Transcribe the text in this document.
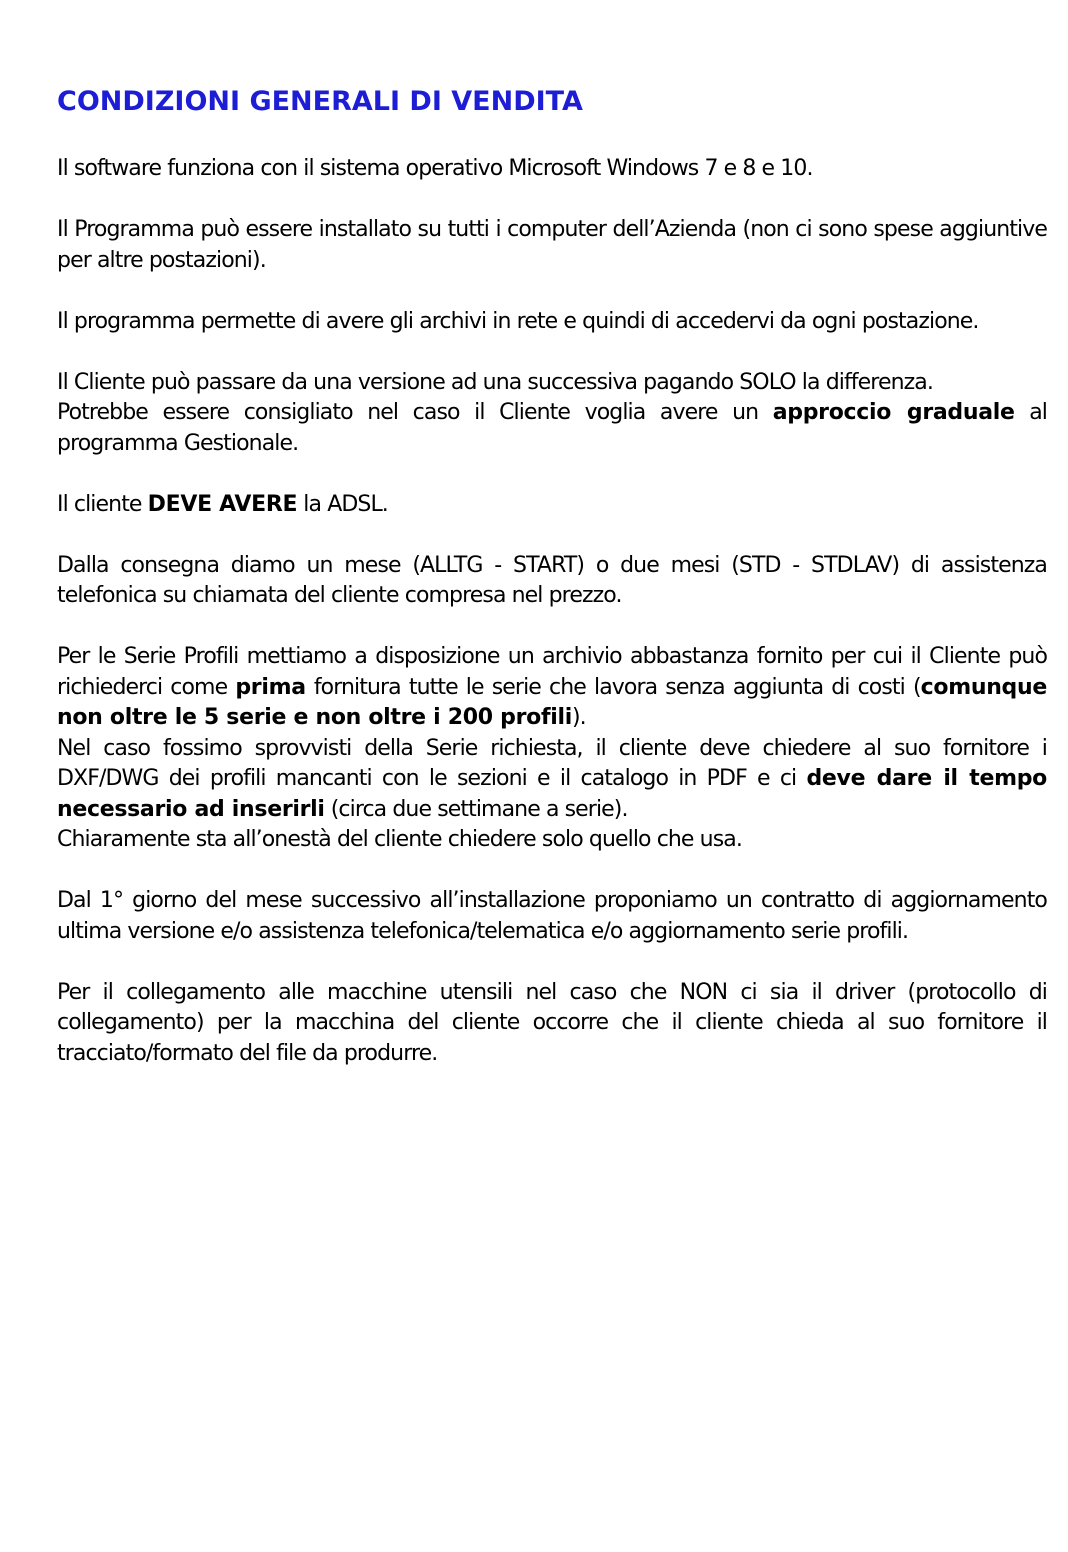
CONDIZIONI GENERALI DI VENDITA

Il software funziona con il sistema operativo Microsoft Windows 7 e 8 e 10.

Il Programma può essere installato su tutti i computer dell’Azienda (non ci sono spese aggiuntive per altre postazioni).

Il programma permette di avere gli archivi in rete e quindi di accedervi da ogni postazione.

Il Cliente può passare da una versione ad una successiva pagando SOLO la differenza.

Potrebbe essere consigliato nel caso il Cliente voglia avere un approccio graduale al programma Gestionale.

Il cliente DEVE AVERE la ADSL.

Dalla consegna diamo un mese (ALLTG - START) o due mesi (STD - STDLAV) di assistenza telefonica su chiamata del cliente compresa nel prezzo.

Per le Serie Profili mettiamo a disposizione un archivio abbastanza fornito per cui il Cliente può richiederci come prima fornitura tutte le serie che lavora senza aggiunta di costi (comunque non oltre le 5 serie e non oltre i 200 profili).

Nel caso fossimo sprovvisti della Serie richiesta, il cliente deve chiedere al suo fornitore i DXF/DWG dei profili mancanti con le sezioni e il catalogo in PDF e ci deve dare il tempo necessario ad inserirli (circa due settimane a serie).

Chiaramente sta all’onestà del cliente chiedere solo quello che usa.

Dal 1° giorno del mese successivo all’installazione proponiamo un contratto di aggiornamento ultima versione e/o assistenza telefonica/telematica e/o aggiornamento serie profili.

Per il collegamento alle macchine utensili nel caso che NON ci sia il driver (protocollo di collegamento) per la macchina del cliente occorre che il cliente chieda al suo fornitore il tracciato/formato del file da produrre.
